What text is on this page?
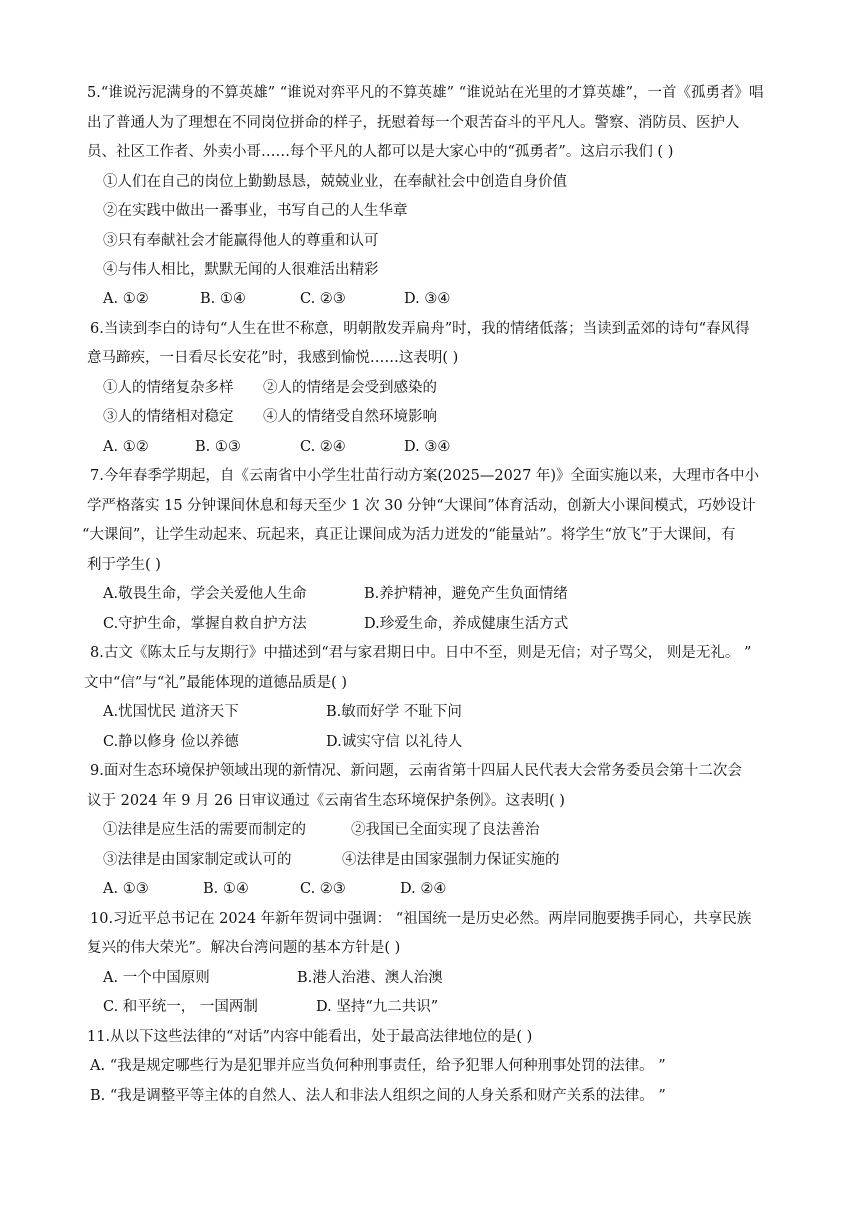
5.“谁说污泥满身的不算英雄” “谁说对弈平凡的不算英雄” “谁说站在光里的才算英雄”，一首《孤勇者》唱
出了普通人为了理想在不同岗位拼命的样子，抚慰着每一个艰苦奋斗的平凡人。警察、消防员、医护人
员、社区工作者、外卖小哥……每个平凡的人都可以是大家心中的“孤勇者”。这启示我们 ( )
①人们在自己的岗位上勤勤恳恳，兢兢业业，在奉献社会中创造自身价值
②在实践中做出一番事业，书写自己的人生华章
③只有奉献社会才能赢得他人的尊重和认可
④与伟人相比，默默无闻的人很难活出精彩
A. ①②	B. ①④	C. ②③	D. ③④
6.当读到李白的诗句“人生在世不称意，明朝散发弄扁舟”时，我的情绪低落；当读到孟郊的诗句“春风得
意马蹄疾，一日看尽长安花”时，我感到愉悦……这表明( )
①人的情绪复杂多样 ②人的情绪是会受到感染的
③人的情绪相对稳定 ④人的情绪受自然环境影响
A. ①②	B. ①③	C. ②④	D. ③④
7.今年春季学期起，自《云南省中小学生壮苗行动方案(2025—2027 年)》全面实施以来，大理市各中小
学严格落实 15 分钟课间休息和每天至少 1 次 30 分钟“大课间”体育活动，创新大小课间模式，巧妙设计
“大课间”，让学生动起来、玩起来，真正让课间成为活力迸发的“能量站”。将学生“放飞”于大课间，有
利于学生( )
A.敬畏生命，学会关爱他人生命	B.养护精神，避免产生负面情绪
C.守护生命，掌握自救自护方法	D.珍爱生命，养成健康生活方式
8.古文《陈太丘与友期行》中描述到“君与家君期日中。日中不至，则是无信；对子骂父， 则是无礼。 ”
文中“信”与“礼”最能体现的道德品质是( )
A.忧国忧民 道济天下	B.敏而好学 不耻下问
C.静以修身 俭以养德	D.诚实守信 以礼待人
9.面对生态环境保护领域出现的新情况、新问题，云南省第十四届人民代表大会常务委员会第十二次会
议于 2024 年 9 月 26 日审议通过《云南省生态环境保护条例》。这表明( )
①法律是应生活的需要而制定的	②我国已全面实现了良法善治
③法律是由国家制定或认可的	④法律是由国家强制力保证实施的
A. ①③	B. ①④	C. ②③	D. ②④
10.习近平总书记在 2024 年新年贺词中强调： “祖国统一是历史必然。两岸同胞要携手同心，共享民族
复兴的伟大荣光”。解决台湾问题的基本方针是( )
A. 一个中国原则	B.港人治港、澳人治澳
C. 和平统一， 一国两制	D. 坚持“九二共识”
11.从以下这些法律的“对话”内容中能看出，处于最高法律地位的是( )
A. “我是规定哪些行为是犯罪并应当负何种刑事责任，给予犯罪人何种刑事处罚的法律。 ”
B. “我是调整平等主体的自然人、法人和非法人组织之间的人身关系和财产关系的法律。 ”
